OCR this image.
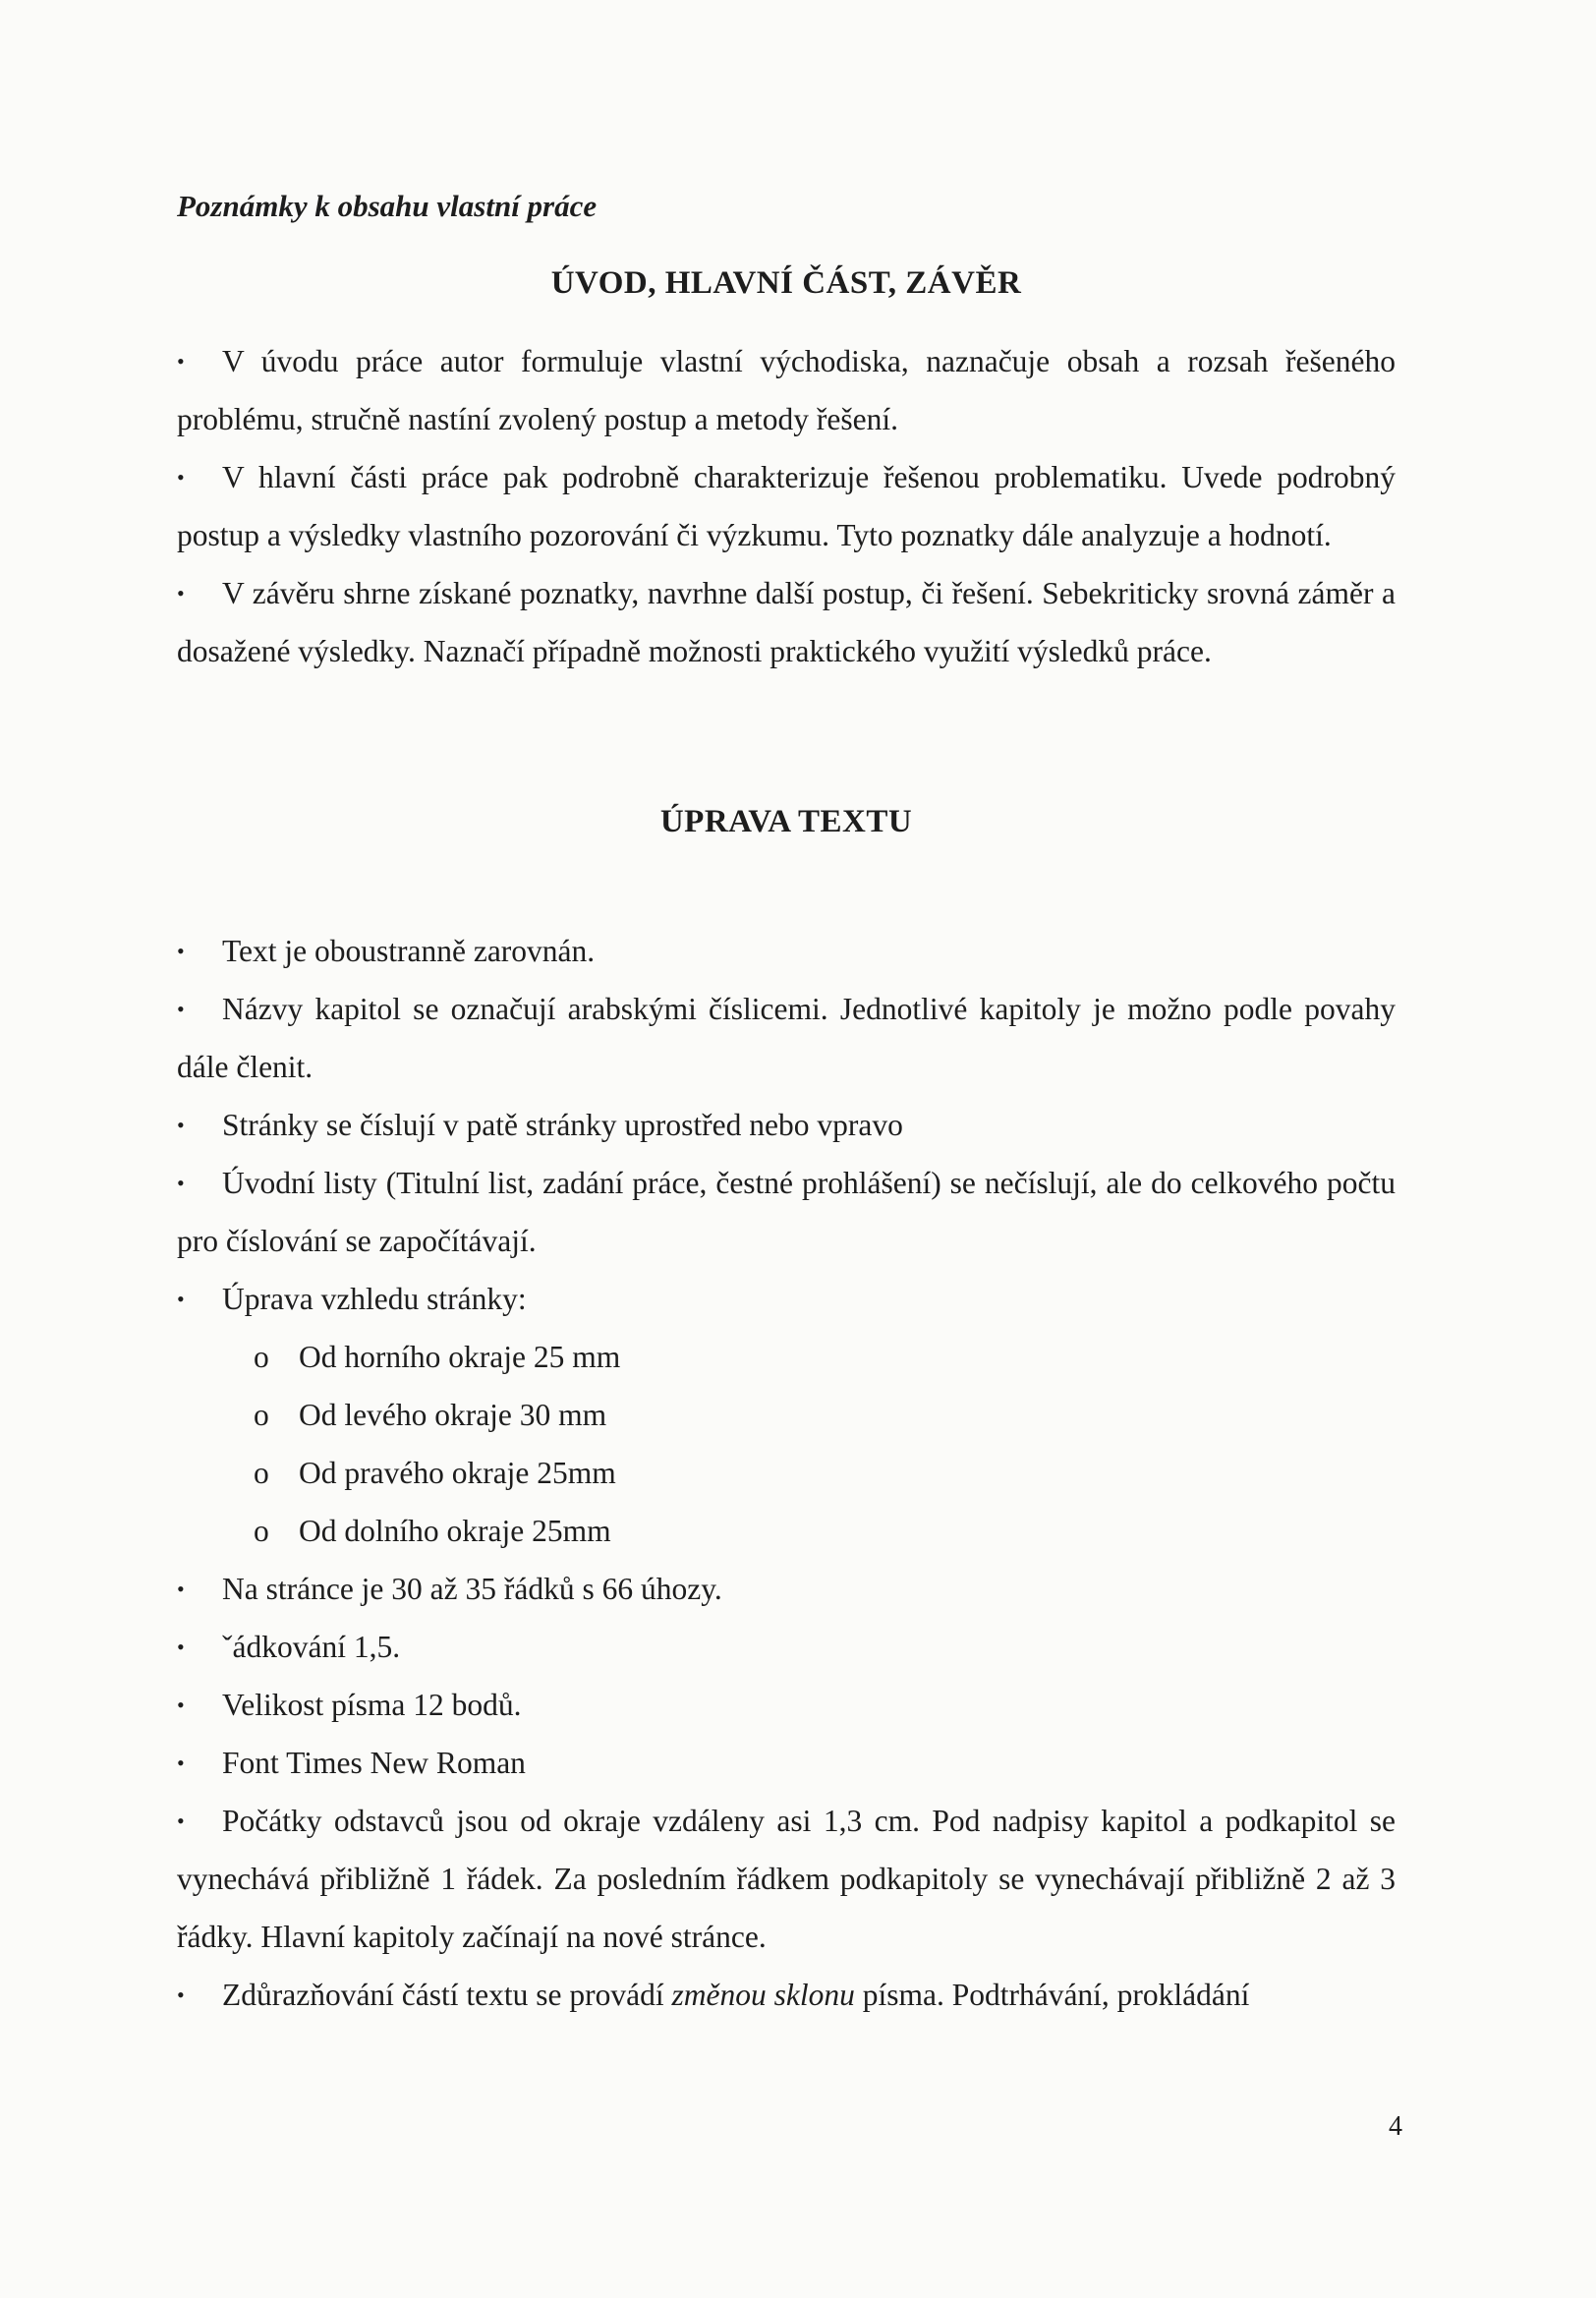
Poznámky k obsahu vlastní práce
ÚVOD, HLAVNÍ ČÁST, ZÁVĚR

• V úvodu práce autor formuluje vlastní východiska, naznačuje obsah a rozsah řešeného problému, stručně nastíní zvolený postup a metody řešení.

• V hlavní části práce pak podrobně charakterizuje řešenou problematiku. Uvede podrobný postup a výsledky vlastního pozorování či výzkumu. Tyto poznatky dále analyzuje a hodnotí.

• V závěru shrne získané poznatky, navrhne další postup, či řešení. Sebekriticky srovná záměr a dosažené výsledky. Naznačí případně možnosti praktického využití výsledků práce.

ÚPRAVA TEXTU

• Text je oboustranně zarovnán.

• Názvy kapitol se označují arabskými číslicemi. Jednotlivé kapitoly je možno podle povahy dále členit.

• Stránky se číslují v patě stránky uprostřed nebo vpravo

• Úvodní listy (Titulní list, zadání práce, čestné prohlášení) se nečíslují, ale do celkového počtu pro číslování se započítávají.

• Úprava vzhledu stránky:

o Od horního okraje 25 mm
o Od levého okraje 30 mm
o Od pravého okraje 25mm
o Od dolního okraje 25mm

• Na stránce je 30 až 35 řádků s 66 úhozy.

• ˇádkování 1,5.

• Velikost písma 12 bodů.

• Font Times New Roman

• Počátky odstavců jsou od okraje vzdáleny asi 1,3 cm. Pod nadpisy kapitol a podkapitol se vynechává přibližně 1 řádek. Za posledním řádkem podkapitoly se vynechávají přibližně 2 až 3 řádky. Hlavní kapitoly začínají na nové stránce.

• Zdůrazňování částí textu se provádí změnou sklonu písma. Podtrhávání, prokládání

4
